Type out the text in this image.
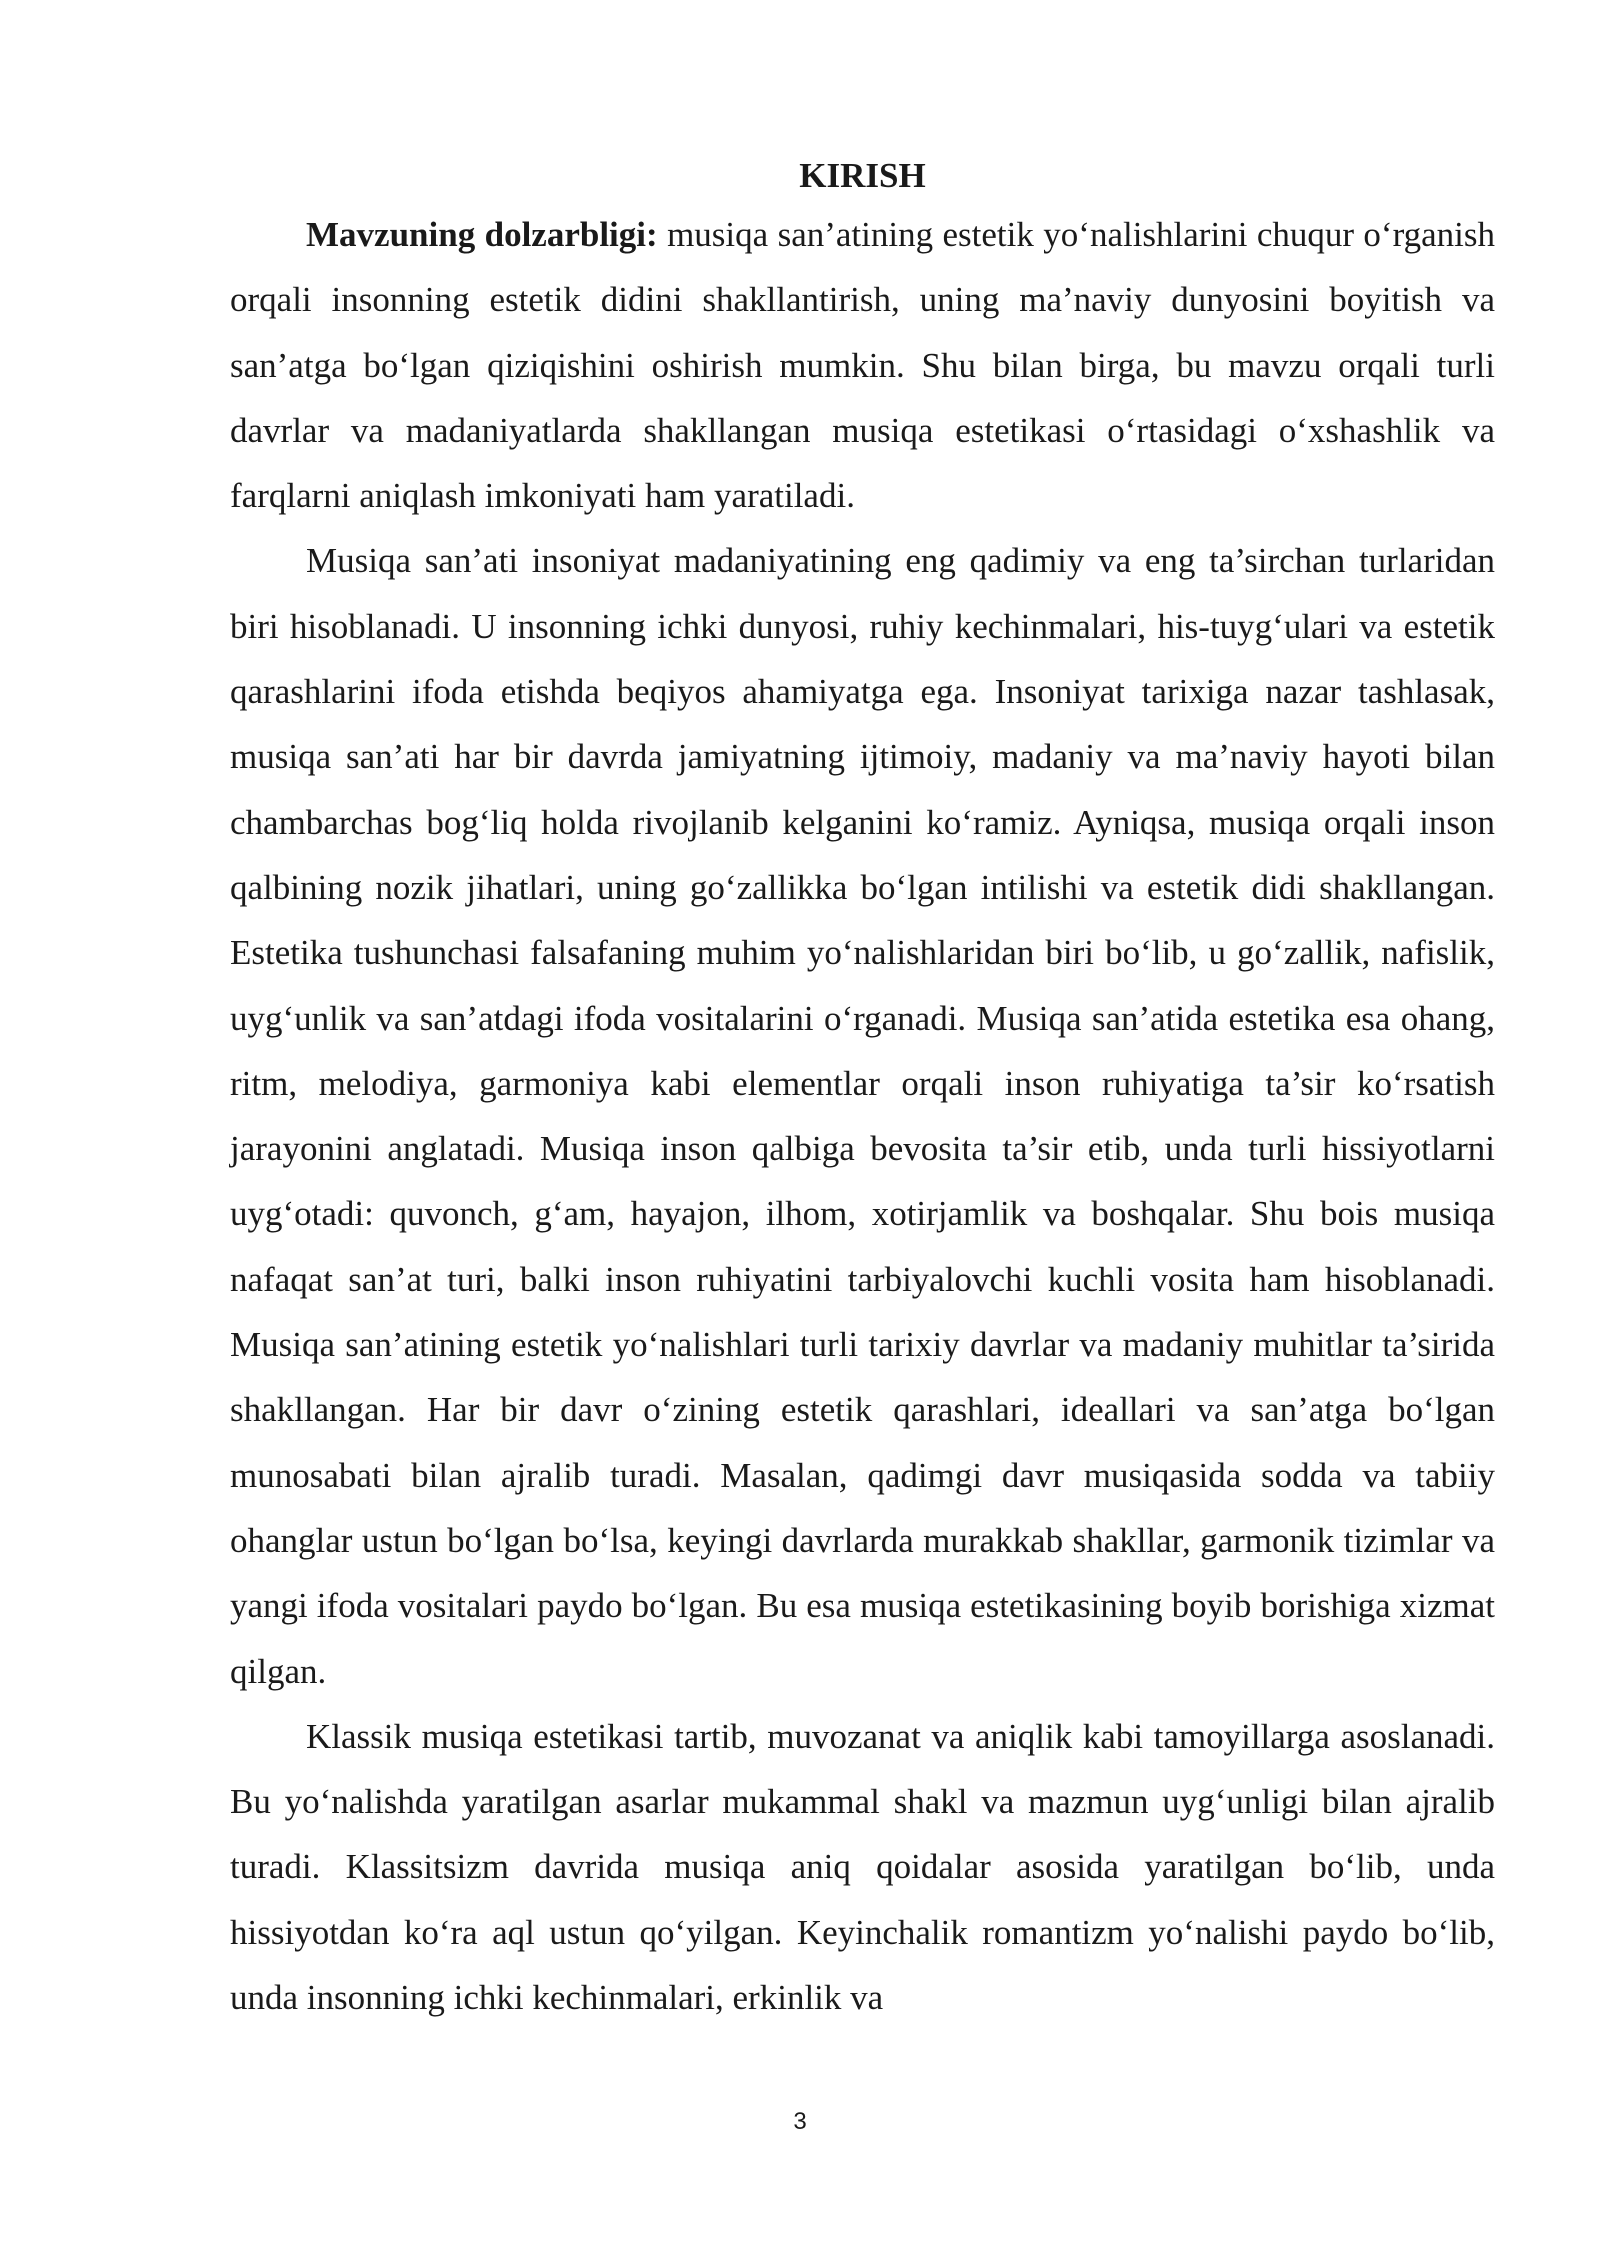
KIRISH

Mavzuning dolzarbligi: musiqa san’atining estetik yo‘nalishlarini chuqur o‘rganish orqali insonning estetik didini shakllantirish, uning ma’naviy dunyosini boyitish va san’atga bo‘lgan qiziqishini oshirish mumkin. Shu bilan birga, bu mavzu orqali turli davrlar va madaniyatlarda shakllangan musiqa estetikasi o‘rtasidagi o‘xshashlik va farqlarni aniqlash imkoniyati ham yaratiladi.

Musiqa san’ati insoniyat madaniyatining eng qadimiy va eng ta’sirchan turlaridan biri hisoblanadi. U insonning ichki dunyosi, ruhiy kechinmalari, his-tuyg‘ulari va estetik qarashlarini ifoda etishda beqiyos ahamiyatga ega. Insoniyat tarixiga nazar tashlasak, musiqa san’ati har bir davrda jamiyatning ijtimoiy, madaniy va ma’naviy hayoti bilan chambarchas bog‘liq holda rivojlanib kelganini ko‘ramiz. Ayniqsa, musiqa orqali inson qalbining nozik jihatlari, uning go‘zallikka bo‘lgan intilishi va estetik didi shakllangan. Estetika tushunchasi falsafaning muhim yo‘nalishlaridan biri bo‘lib, u go‘zallik, nafislik, uyg‘unlik va san’atdagi ifoda vositalarini o‘rganadi. Musiqa san’atida estetika esa ohang, ritm, melodiya, garmoniya kabi elementlar orqali inson ruhiyatiga ta’sir ko‘rsatish jarayonini anglatadi. Musiqa inson qalbiga bevosita ta’sir etib, unda turli hissiyotlarni uyg‘otadi: quvonch, g‘am, hayajon, ilhom, xotirjamlik va boshqalar. Shu bois musiqa nafaqat san’at turi, balki inson ruhiyatini tarbiyalovchi kuchli vosita ham hisoblanadi. Musiqa san’atining estetik yo‘nalishlari turli tarixiy davrlar va madaniy muhitlar ta’sirida shakllangan. Har bir davr o‘zining estetik qarashlari, ideallari va san’atga bo‘lgan munosabati bilan ajralib turadi. Masalan, qadimgi davr musiqasida sodda va tabiiy ohanglar ustun bo‘lgan bo‘lsa, keyingi davrlarda murakkab shakllar, garmonik tizimlar va yangi ifoda vositalari paydo bo‘lgan. Bu esa musiqa estetikasining boyib borishiga xizmat qilgan.

Klassik musiqa estetikasi tartib, muvozanat va aniqlik kabi tamoyillarga asoslanadi. Bu yo‘nalishda yaratilgan asarlar mukammal shakl va mazmun uyg‘unligi bilan ajralib turadi. Klassitsizm davrida musiqa aniq qoidalar asosida yaratilgan bo‘lib, unda hissiyotdan ko‘ra aql ustun qo‘yilgan. Keyinchalik romantizm yo‘nalishi paydo bo‘lib, unda insonning ichki kechinmalari, erkinlik va

3
